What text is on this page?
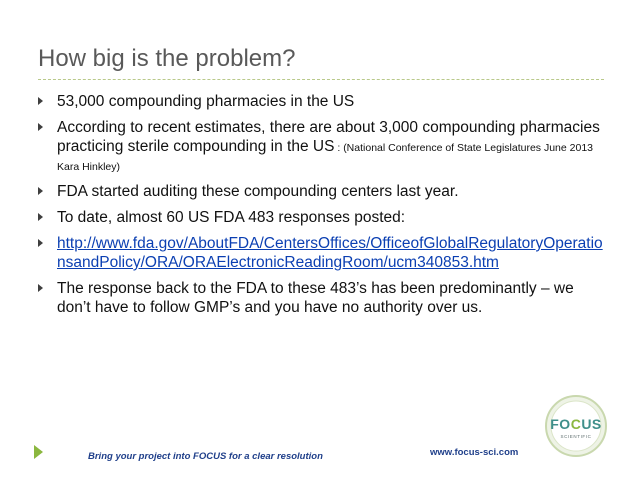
How big is the problem?
53,000 compounding pharmacies in the US
According to recent estimates, there are about 3,000 compounding pharmacies practicing sterile compounding in the US : (National Conference of State Legislatures June 2013 Kara Hinkley)
FDA started auditing these compounding centers last year.
To date, almost 60 US FDA 483 responses posted:
http://www.fda.gov/AboutFDA/CentersOffices/OfficeofGlobalRegulatoryOperationsandPolicy/ORA/ORAElectronicReadingRoom/ucm340853.htm
The response back to the FDA to these 483’s has been predominantly – we don’t have to follow GMP’s and you have no authority over us.
Bring your project into FOCUS for a clear resolution	www.focus-sci.com
FOCUS
SCIENTIFIC
